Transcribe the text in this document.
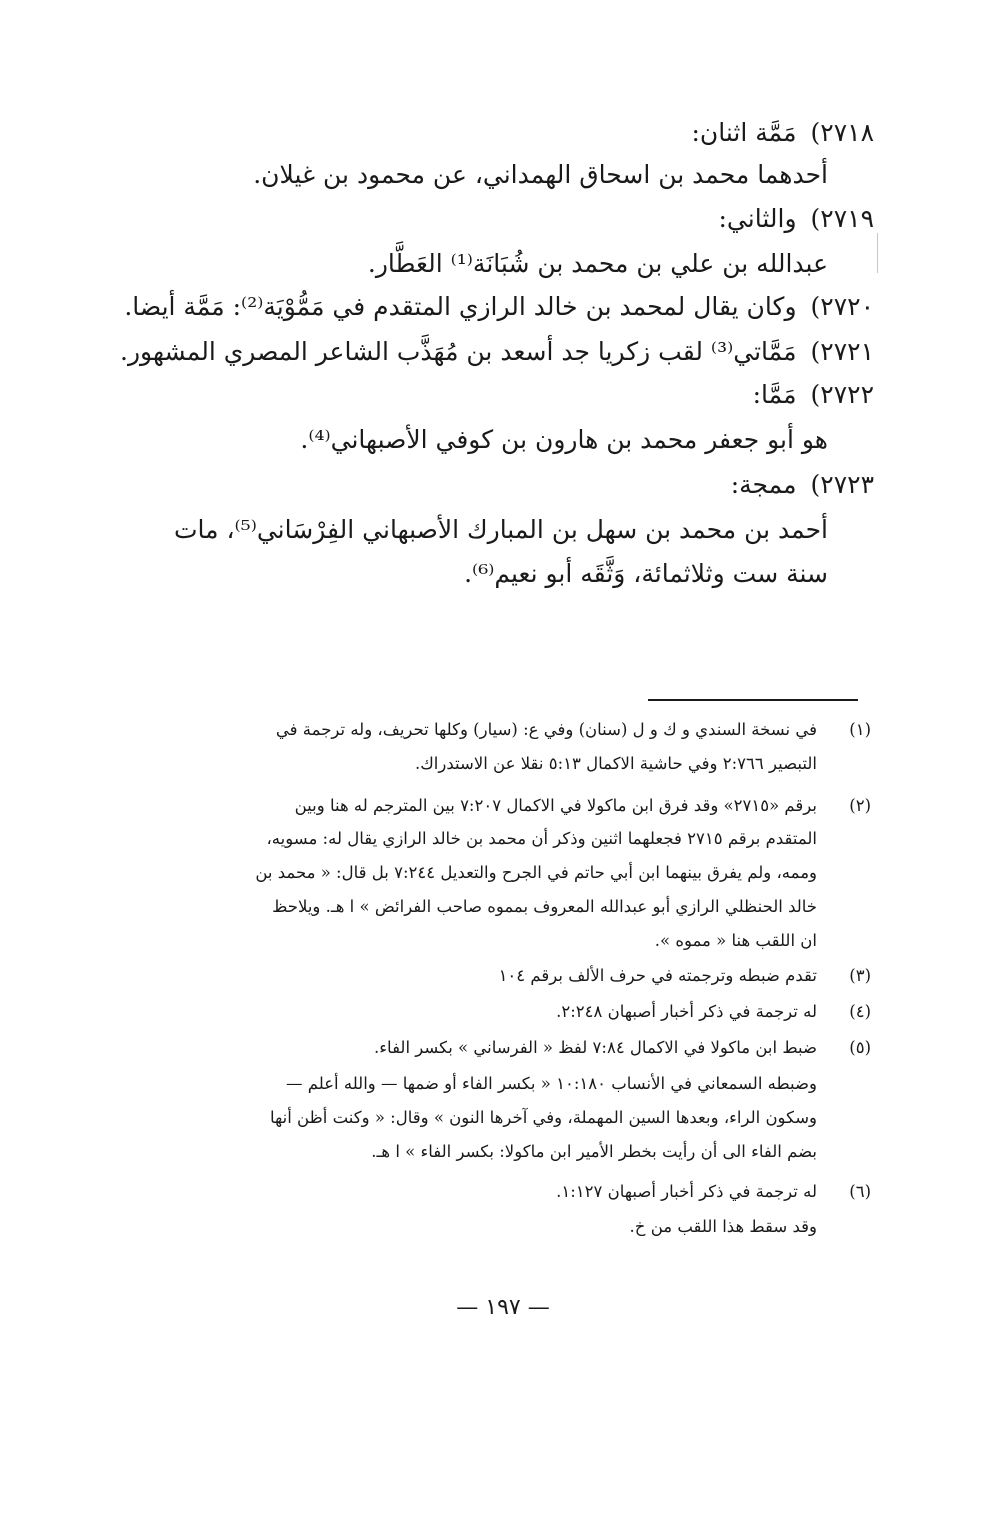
٢٧١٨)مَمَّة اثنان:
أحدهما محمد بن اسحاق الهمداني، عن محمود بن غيلان.
٢٧١٩)والثاني:
عبدالله بن علي بن محمد بن شُبَانَة⁽¹⁾ العَطَّار.
٢٧٢٠)وكان يقال لمحمد بن خالد الرازي المتقدم في مَمُّوْيَة⁽²⁾: مَمَّة أيضا.
٢٧٢١)مَمَّاتي⁽³⁾ لقب زكريا جد أسعد بن مُهَذَّب الشاعر المصري المشهور.
٢٧٢٢)مَمَّا:
هو أبو جعفر محمد بن هارون بن كوفي الأصبهاني⁽⁴⁾.
٢٧٢٣)ممجة:
أحمد بن محمد بن سهل بن المبارك الأصبهاني الفِرْسَاني⁽⁵⁾، مات
سنة ست وثلاثمائة، وَثَّقَه أبو نعيم⁽⁶⁾.
(١)في نسخة السندي و ك و ل (سنان) وفي ع: (سيار) وكلها تحريف، وله ترجمة في
التبصير ٢:٧٦٦ وفي حاشية الاكمال ٥:١٣ نقلا عن الاستدراك.
(٢)برقم «٢٧١٥» وقد فرق ابن ماكولا في الاكمال ٧:٢٠٧ بين المترجم له هنا وبين
المتقدم برقم ٢٧١٥ فجعلهما اثنين وذكر أن محمد بن خالد الرازي يقال له: مسويه،
وممه، ولم يفرق بينهما ابن أبي حاتم في الجرح والتعديل ٧:٢٤٤ بل قال: « محمد بن
خالد الحنظلي الرازي أبو عبدالله المعروف بمموه صاحب الفرائض » ا هـ. ويلاحظ
ان اللقب هنا « مموه ».
(٣)تقدم ضبطه وترجمته في حرف الألف برقم ١٠٤
(٤)له ترجمة في ذكر أخبار أصبهان ٢:٢٤٨.
(٥)ضبط ابن ماكولا في الاكمال ٧:٨٤ لفظ « الفرساني » بكسر الفاء.
وضبطه السمعاني في الأنساب ١٠:١٨٠ « بكسر الفاء أو ضمها — والله أعلم —
وسكون الراء، وبعدها السين المهملة، وفي آخرها النون » وقال: « وكنت أظن أنها
بضم الفاء الى أن رأيت بخطر الأمير ابن ماكولا: بكسر الفاء » ا هـ.
(٦)له ترجمة في ذكر أخبار أصبهان ١:١٢٧.
وقد سقط هذا اللقب من خ.
— ١٩٧ —
